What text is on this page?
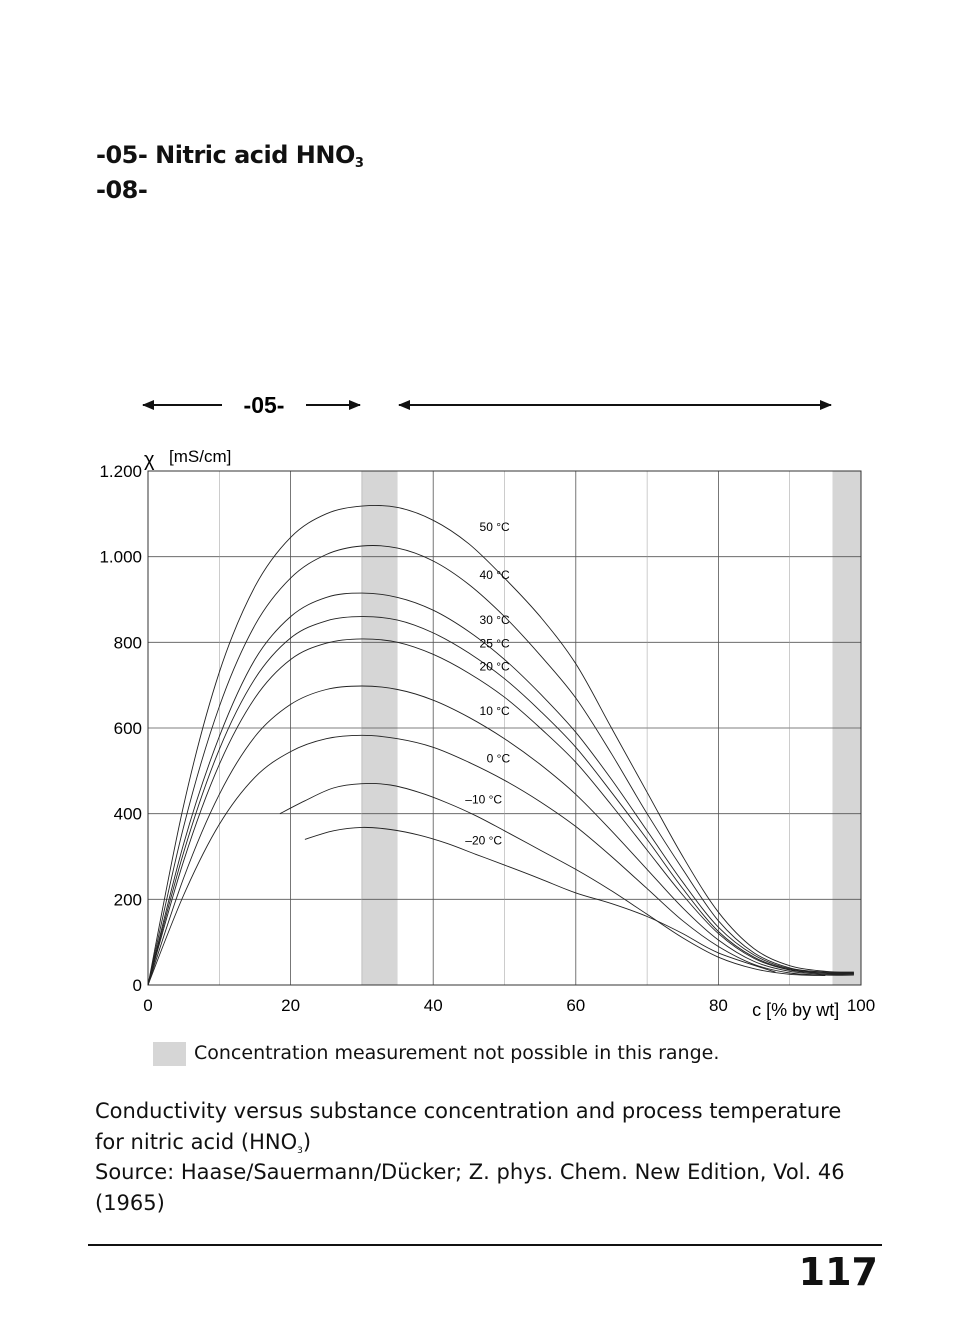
-05- Nitric acid $HNO_3$
-08-
-05-
50 °C
40 °C
30 °C
25 °C
20 °C
10 °C
0 °C
–10 °C
–20 °C
0	20	40	60	80	100
0
200
400
600
800
1.000
1.200
χ [mS/cm]
c [% by wt]
Concentration measurement not possible in this range.
Conductivity versus substance concentration and process temperature
for nitric acid $(HNO_3)$
Source: Haase/Sauermann/Dücker; Z. phys. Chem. New Edition, Vol. 46
(1965)
117
